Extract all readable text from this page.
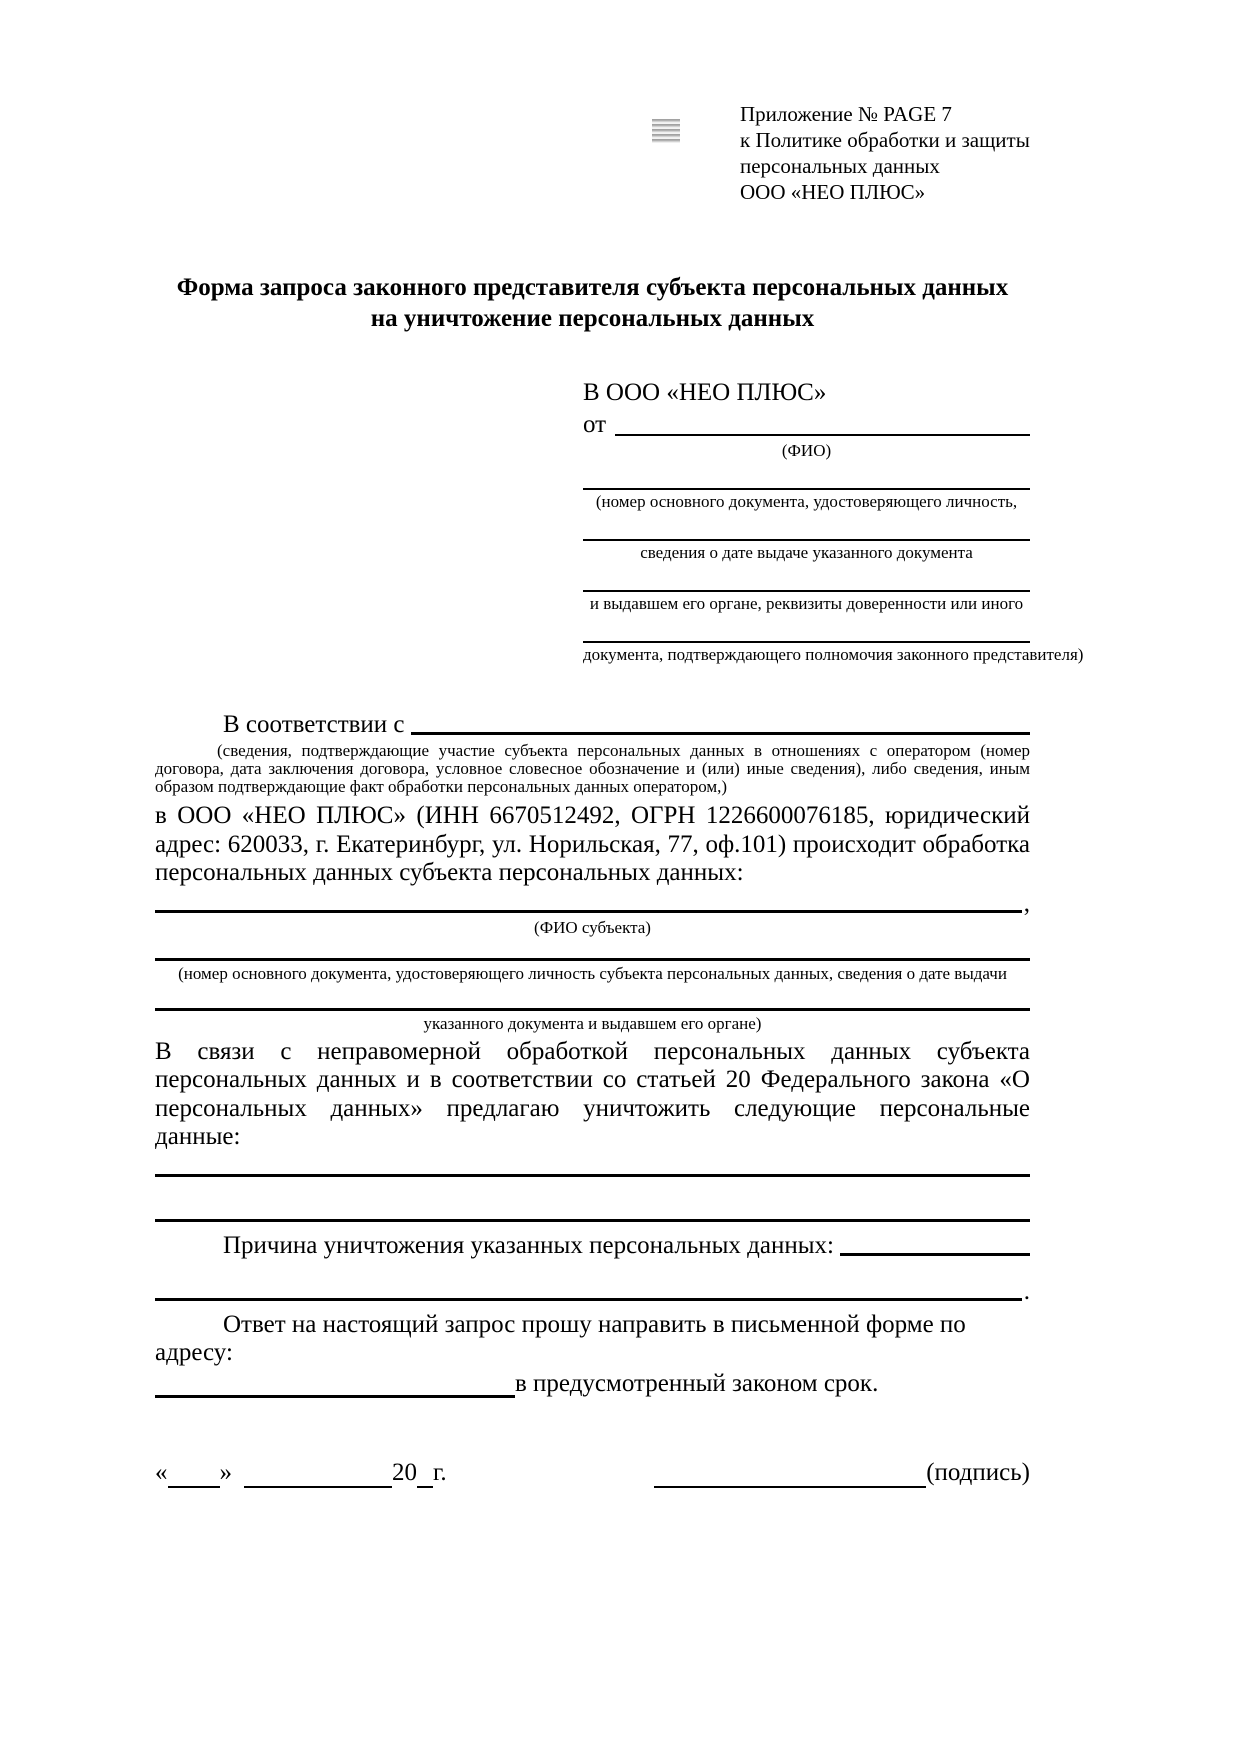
Приложение № PAGE 7
к Политике обработки и защиты
персональных данных
ООО «НЕО ПЛЮС»
Форма запроса законного представителя субъекта персональных данных
на уничтожение персональных данных
В ООО «НЕО ПЛЮС»
от
(ФИО)
(номер основного документа, удостоверяющего личность,
сведения о дате выдаче указанного документа
и выдавшем его органе, реквизиты доверенности или иного
документа, подтверждающего полномочия законного представителя)
В соответствии с
(сведения, подтверждающие участие субъекта персональных данных в отношениях с оператором (номер договора, дата заключения договора, условное словесное обозначение и (или) иные сведения), либо сведения, иным образом подтверждающие факт обработки персональных данных оператором,)
в ООО «НЕО ПЛЮС» (ИНН 6670512492, ОГРН 1226600076185, юридический адрес: 620033, г. Екатеринбург, ул. Норильская, 77, оф.101) происходит обработка персональных данных субъекта персональных данных:
,
(ФИО субъекта)
(номер основного документа, удостоверяющего личность субъекта персональных данных, сведения о дате выдачи
указанного документа и выдавшем его органе)
В связи с неправомерной обработкой персональных данных субъекта персональных данных и в соответствии со статьей 20 Федерального закона «О персональных данных» предлагаю уничтожить следующие персональные данные:
Причина уничтожения указанных персональных данных:
.
Ответ на настоящий запрос прошу направить в письменной форме по адресу:
в предусмотренный законом срок.
« »	20 г.	(подпись)
